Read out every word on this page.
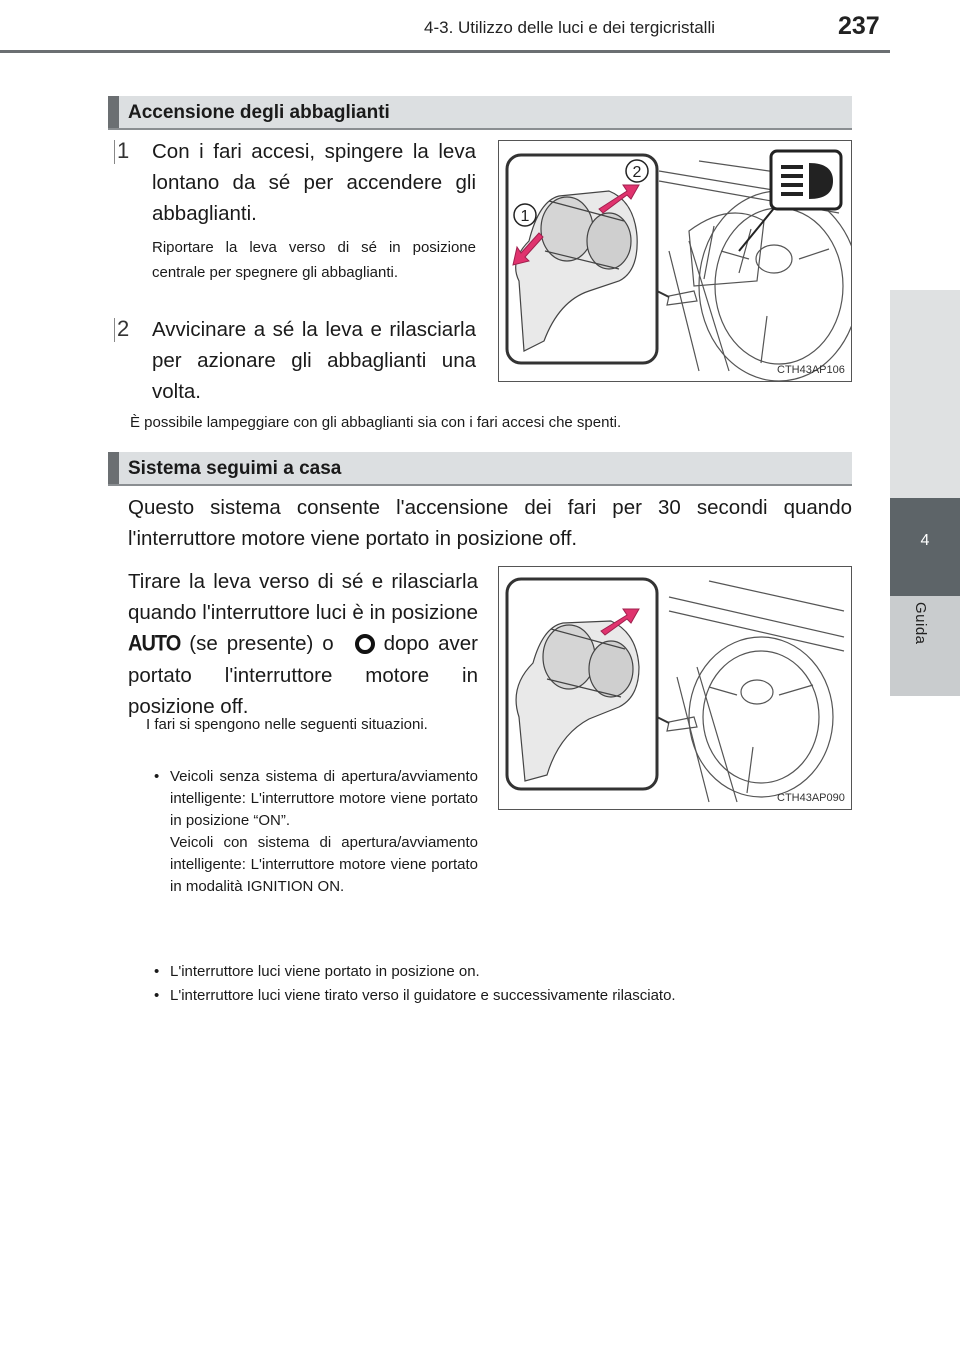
4-3. Utilizzo delle luci e dei tergicristalli	237
4
Guida
Accensione degli abbaglianti
1 Con i fari accesi, spingere la leva lontano da sé per accendere gli abbaglianti.
Riportare la leva verso di sé in posizione centrale per spegnere gli abbaglianti.
2 Avvicinare a sé la leva e rilasciarla per azionare gli abbaglianti una volta.
È possibile lampeggiare con gli abbaglianti sia con i fari accesi che spenti.
2
1
CTH43AP106
Sistema seguimi a casa
Questo sistema consente l'accensione dei fari per 30 secondi quando l'interruttore motore viene portato in posizione off.
Tirare la leva verso di sé e rilasciarla quando l'interruttore luci è in posizione AUTO (se presente) o dopo aver portato l'interruttore motore in posizione off.
I fari si spengono nelle seguenti situazioni.
• Veicoli senza sistema di apertura/avviamento intelligente: L'interruttore motore viene portato in posizione “ON”.
Veicoli con sistema di apertura/avviamento intelligente: L'interruttore motore viene portato in modalità IGNITION ON.
• L'interruttore luci viene portato in posizione on.
• L'interruttore luci viene tirato verso il guidatore e successivamente rilasciato.
CTH43AP090
